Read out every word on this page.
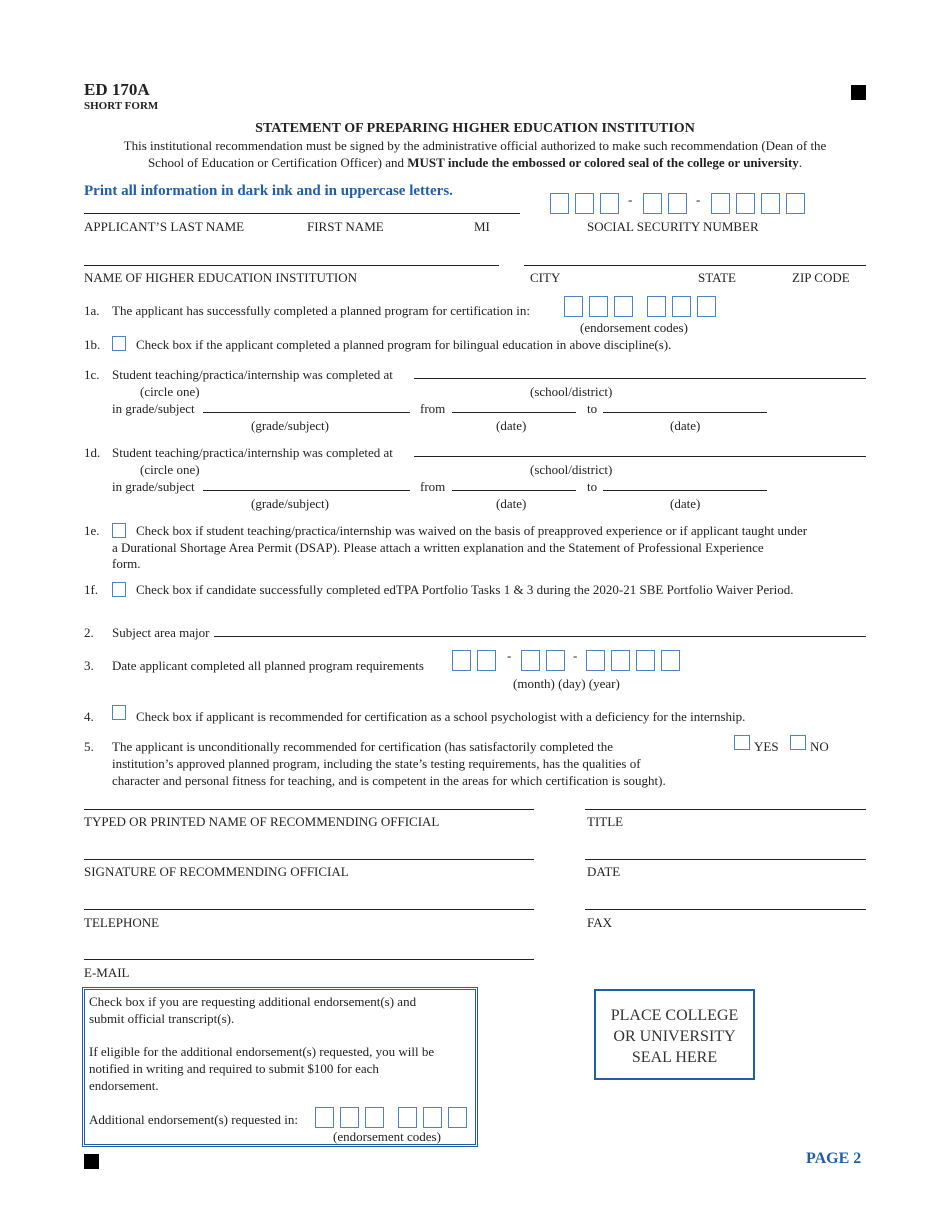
ED 170A
SHORT FORM
STATEMENT OF PREPARING HIGHER EDUCATION INSTITUTION
This institutional recommendation must be signed by the administrative official authorized to make such recommendation (Dean of the
School of Education or Certification Officer) and MUST include the embossed or colored seal of the college or university.
Print all information in dark ink and in uppercase letters.
APPLICANT’S LAST NAME	FIRST NAME	MI
-	-
SOCIAL SECURITY NUMBER
NAME OF HIGHER EDUCATION INSTITUTION	CITY	STATE	ZIP CODE
1a. The applicant has successfully completed a planned program for certification in:
(endorsement codes)
1b.	Check box if the applicant completed a planned program for bilingual education in above discipline(s).
1c. Student teaching/practica/internship was completed at
(circle one)	(school/district)
in grade/subject	from	to
(grade/subject)	(date)	(date)
1d. Student teaching/practica/internship was completed at
(circle one)	(school/district)
in grade/subject	from	to
(grade/subject)	(date)	(date)
1e.	Check box if student teaching/practica/internship was waived on the basis of preapproved experience or if applicant taught under
a Durational Shortage Area Permit (DSAP). Please attach a written explanation and the Statement of Professional Experience
form.
1f.	Check box if candidate successfully completed edTPA Portfolio Tasks 1 & 3 during the 2020-21 SBE Portfolio Waiver Period.
2. Subject area major
3. Date applicant completed all planned program requirements
-	-
(month) (day) (year)
4.	Check box if applicant is recommended for certification as a school psychologist with a deficiency for the internship.
5. The applicant is unconditionally recommended for certification (has satisfactorily completed the
institution’s approved planned program, including the state’s testing requirements, has the qualities of
character and personal fitness for teaching, and is competent in the areas for which certification is sought).
YES NO
TYPED OR PRINTED NAME OF RECOMMENDING OFFICIAL	TITLE
SIGNATURE OF RECOMMENDING OFFICIAL	DATE
TELEPHONE	FAX
E-MAIL
Check box if you are requesting additional endorsement(s) and
submit official transcript(s).
If eligible for the additional endorsement(s) requested, you will be
notified in writing and required to submit $100 for each
endorsement.
Additional endorsement(s) requested in:
(endorsement codes)
PLACE COLLEGE
OR UNIVERSITY
SEAL HERE
PAGE 2
